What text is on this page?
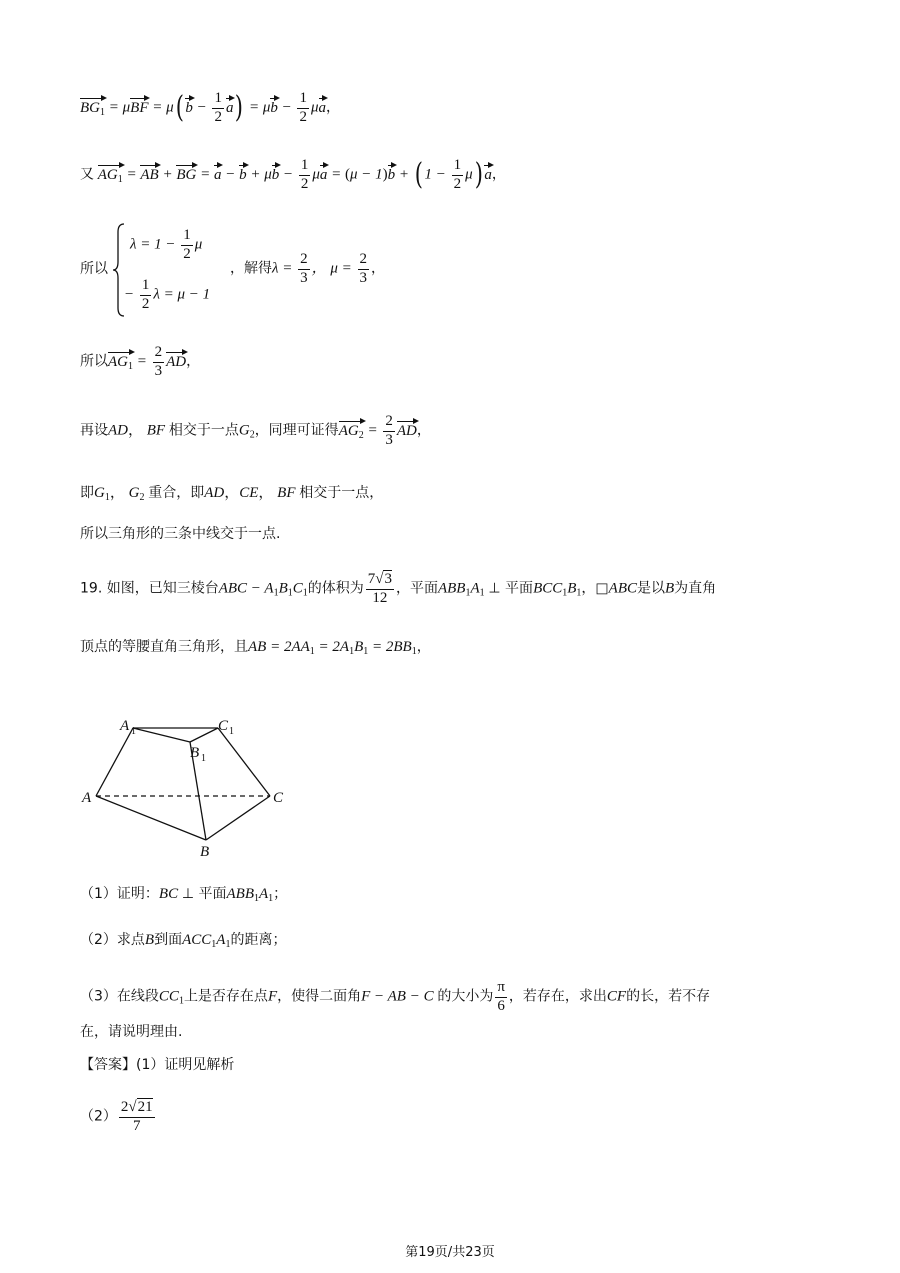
$BG_1 = \mu BF = \mu$( $b - \frac{1}{2} a) = \mu b - \frac{1}{2}$ μa，
又 $AG_1$ = AB + BG = $a - b + \mu b - \frac{1}{2}$ μa = (μ − 1)b + ( $1 - \frac{1}{2} \mu$) a，
所以
$\lambda = 1 - \frac{1}{2}$ μ
− $\frac{1}{2}$ λ = μ − 1
，解得$\lambda = \frac{2}{3}$ ， $\mu = \frac{2}{3}$ ，
所以$AG_1 = \frac{2}{3}$ AD，
再设AD， BF 相交于一点$G_2$，同理可证得$AG_2 = \frac{2}{3}$ AD，
即$G_1$， $G_2$ 重合，即AD，CE， BF 相交于一点，
所以三角形的三条中线交于一点.
19. 如图，已知三棱台ABC − $A_1B_1C_1$的体积为 $\frac{7√3}{12}$ ，平面$ABB_1A_1$ ⊥ 平面$BCC_1B_1$，□ABC是以B为直角
顶点的等腰直角三角形，且AB = $2AA_1 = 2A_1B_1 = 2BB_1$，
A 1	C 1
B 1
A	C
B
（1）证明：BC ⊥ 平面$ABB_1A_1$；
（2）求点B到面$ACC_1A_1$的距离；
（3）在线段$CC_1$上是否存在点F，使得二面角F − AB − C 的大小为 $\frac{\pi}{6}$ ，若存在，求出CF的长，若不存
在，请说明理由.
【答案】(1）证明见解析
$(2) \frac{2√21}{7}$
第19页/共23页
